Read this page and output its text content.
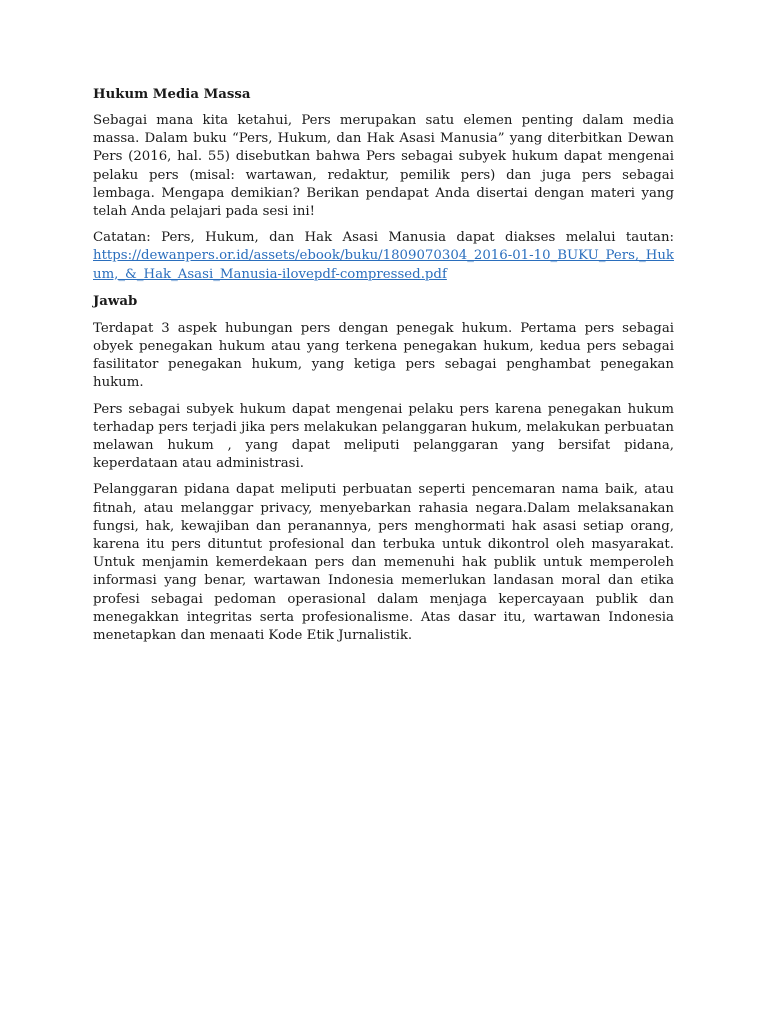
Hukum Media Massa

Sebagai mana kita ketahui, Pers merupakan satu elemen penting dalam media massa. Dalam buku “Pers, Hukum, dan Hak Asasi Manusia” yang diterbitkan Dewan Pers (2016, hal. 55) disebutkan bahwa Pers sebagai subyek hukum dapat mengenai pelaku pers (misal: wartawan, redaktur, pemilik pers) dan juga pers sebagai lembaga. Mengapa demikian? Berikan pendapat Anda disertai dengan materi yang telah Anda pelajari pada sesi ini!

Catatan: Pers, Hukum, dan Hak Asasi Manusia dapat diakses melalui tautan:
https://dewanpers.or.id/assets/ebook/buku/1809070304_2016-01-10_BUKU_Pers,_Hukum,_&_Hak_Asasi_Manusia-ilovepdf-compressed.pdf

Jawab

Terdapat 3 aspek hubungan pers dengan penegak hukum. Pertama pers sebagai obyek penegakan hukum atau yang terkena penegakan hukum, kedua pers sebagai fasilitator penegakan hukum, yang ketiga pers sebagai penghambat penegakan hukum.

Pers sebagai subyek hukum dapat mengenai pelaku pers karena penegakan hukum terhadap pers terjadi jika pers melakukan pelanggaran hukum, melakukan perbuatan melawan hukum , yang dapat meliputi pelanggaran yang bersifat pidana, keperdataan atau administrasi.

Pelanggaran pidana dapat meliputi perbuatan seperti pencemaran nama baik, atau fitnah, atau melanggar privacy, menyebarkan rahasia negara.Dalam melaksanakan fungsi, hak, kewajiban dan peranannya, pers menghormati hak asasi setiap orang, karena itu pers dituntut profesional dan terbuka untuk dikontrol oleh masyarakat. Untuk menjamin kemerdekaan pers dan memenuhi hak publik untuk memperoleh informasi yang benar, wartawan Indonesia memerlukan landasan moral dan etika profesi sebagai pedoman operasional dalam menjaga kepercayaan publik dan menegakkan integritas serta profesionalisme. Atas dasar itu, wartawan Indonesia menetapkan dan menaati Kode Etik Jurnalistik.
